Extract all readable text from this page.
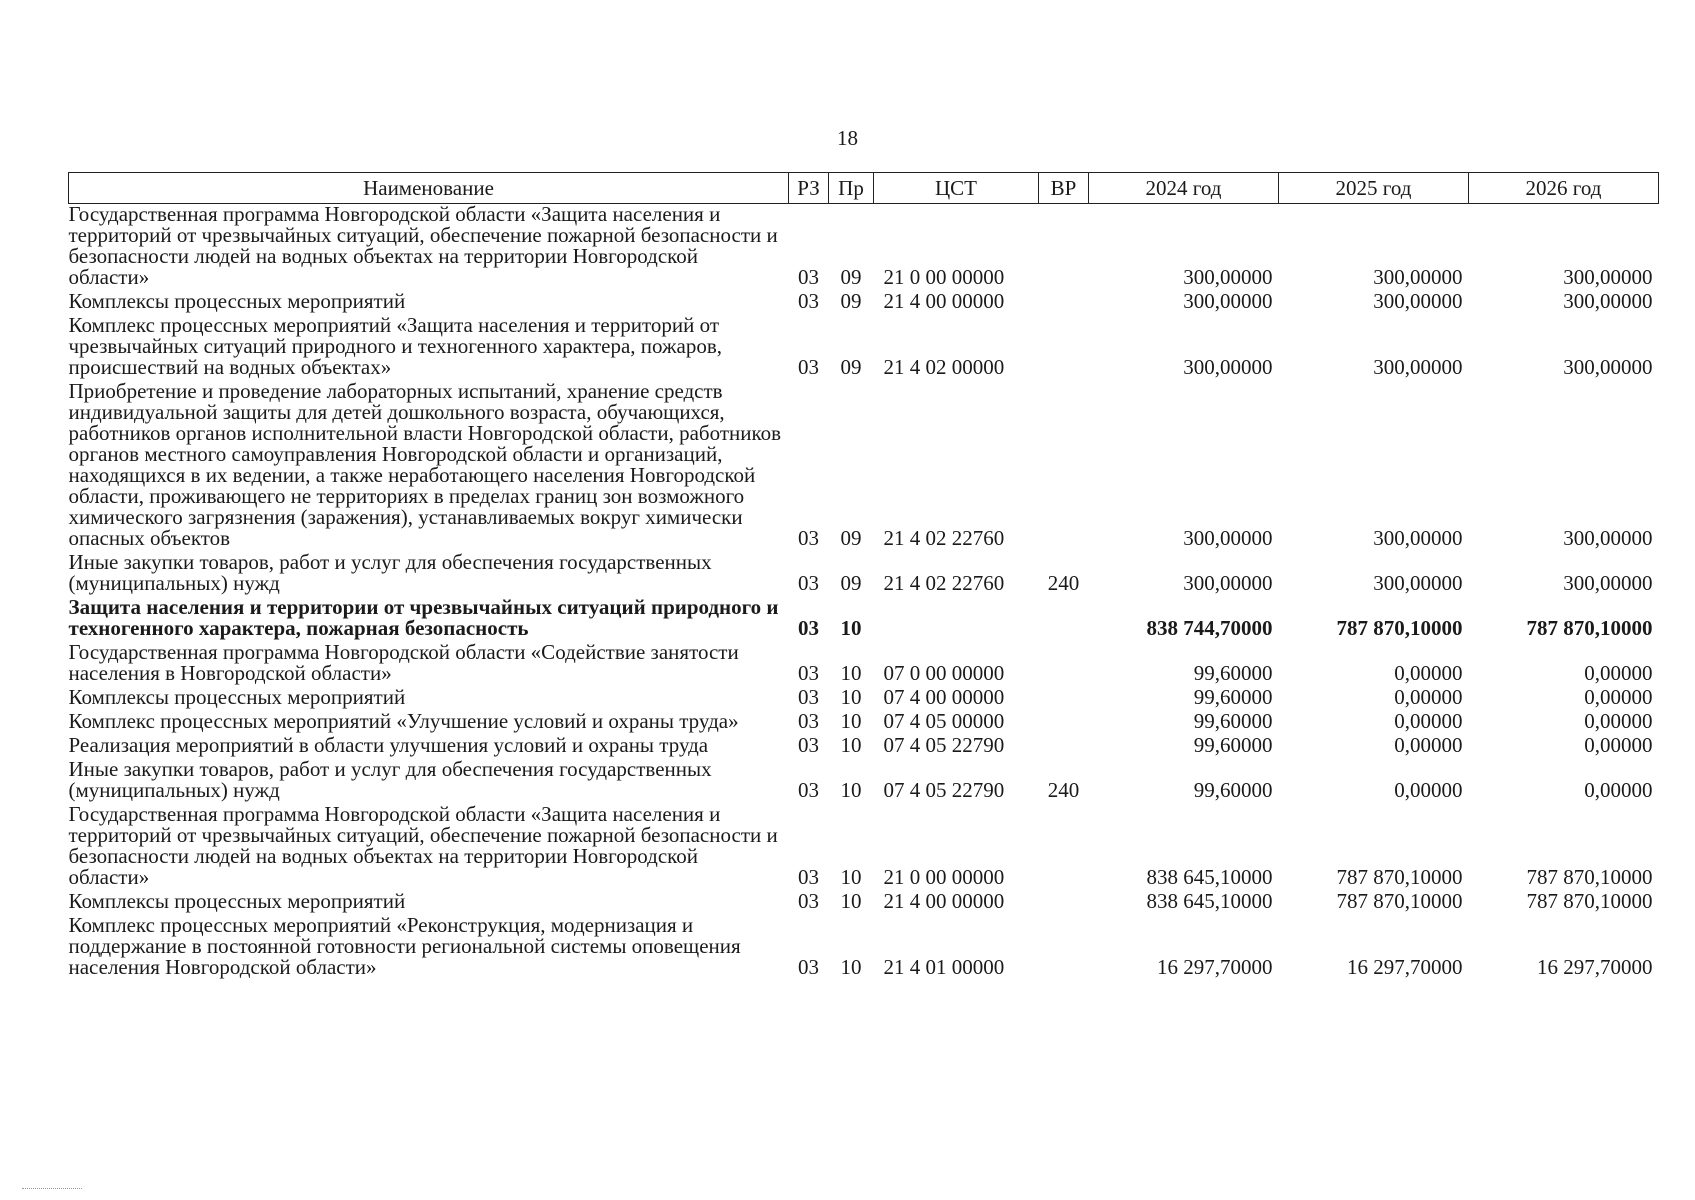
18
Наименование	РЗ	Пр	ЦСТ	ВР	2024 год	2025 год	2026 год
Государственная программа Новгородской области «Защита населения и территорий от чрезвычайных ситуаций, обеспечение пожарной безопасности и безопасности людей на водных объектах на территории Новгородской области»	03	09	21 0 00 00000		300,00000	300,00000	300,00000
Комплексы процессных мероприятий	03	09	21 4 00 00000		300,00000	300,00000	300,00000
Комплекс процессных мероприятий «Защита населения и территорий от чрезвычайных ситуаций природного и техногенного характера, пожаров, происшествий на водных объектах»	03	09	21 4 02 00000		300,00000	300,00000	300,00000
Приобретение и проведение лабораторных испытаний, хранение средств индивидуальной защиты для детей дошкольного возраста, обучающихся, работников органов исполнительной власти Новгородской области, работников органов местного самоуправления Новгородской области и организаций, находящихся в их ведении, а также неработающего населения Новгородской области, проживающего не территориях в пределах границ зон возможного химического загрязнения (заражения), устанавливаемых вокруг химически опасных объектов	03	09	21 4 02 22760		300,00000	300,00000	300,00000
Иные закупки товаров, работ и услуг для обеспечения государственных (муниципальных) нужд	03	09	21 4 02 22760	240	300,00000	300,00000	300,00000
Защита населения и территории от чрезвычайных ситуаций природного и техногенного характера, пожарная безопасность	03	10			838 744,70000	787 870,10000	787 870,10000
Государственная программа Новгородской области «Содействие занятости населения в Новгородской области»	03	10	07 0 00 00000		99,60000	0,00000	0,00000
Комплексы процессных мероприятий	03	10	07 4 00 00000		99,60000	0,00000	0,00000
Комплекс процессных мероприятий «Улучшение условий и охраны труда»	03	10	07 4 05 00000		99,60000	0,00000	0,00000
Реализация мероприятий в области улучшения условий и охраны труда	03	10	07 4 05 22790		99,60000	0,00000	0,00000
Иные закупки товаров, работ и услуг для обеспечения государственных (муниципальных) нужд	03	10	07 4 05 22790	240	99,60000	0,00000	0,00000
Государственная программа Новгородской области «Защита населения и территорий от чрезвычайных ситуаций, обеспечение пожарной безопасности и безопасности людей на водных объектах на территории Новгородской области»	03	10	21 0 00 00000		838 645,10000	787 870,10000	787 870,10000
Комплексы процессных мероприятий	03	10	21 4 00 00000		838 645,10000	787 870,10000	787 870,10000
Комплекс процессных мероприятий «Реконструкция, модернизация и поддержание в постоянной готовности региональной системы оповещения населения Новгородской области»	03	10	21 4 01 00000		16 297,70000	16 297,70000	16 297,70000
